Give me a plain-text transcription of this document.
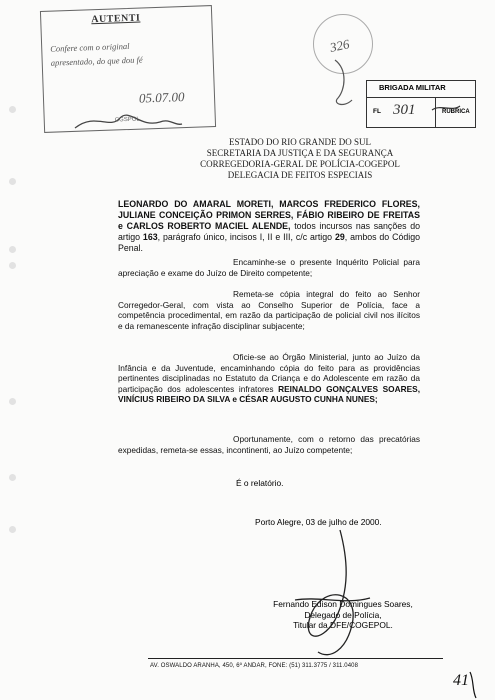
AUTENTI
Confere com o original
apresentado, do que dou fé
05.07.00
CGSPOL
326
BRIGADA MILITAR
FL 301	RUBRICA
ESTADO DO RIO GRANDE DO SUL
SECRETARIA DA JUSTIÇA E DA SEGURANÇA
CORREGEDORIA-GERAL DE POLÍCIA-COGEPOL
DELEGACIA DE FEITOS ESPECIAIS
LEONARDO DO AMARAL MORETI, MARCOS FREDERICO FLORES, JULIANE CONCEIÇÃO PRIMON SERRES, FÁBIO RIBEIRO DE FREITAS e CARLOS ROBERTO MACIEL ALENDE, todos incursos nas sanções do artigo 163, parágrafo único, incisos I, II e III, c/c artigo 29, ambos do Código Penal.
Encaminhe-se o presente Inquérito Policial para apreciação e exame do Juízo de Direito competente;
Remeta-se cópia integral do feito ao Senhor Corregedor-Geral, com vista ao Conselho Superior de Polícia, face a competência procedimental, em razão da participação de policial civil nos ilícitos e da remanescente infração disciplinar subjacente;
Oficie-se ao Órgão Ministerial, junto ao Juízo da Infância e da Juventude, encaminhando cópia do feito para as providências pertinentes disciplinadas no Estatuto da Criança e do Adolescente em razão da participação dos adolescentes infratores REINALDO GONÇALVES SOARES, VINÍCIUS RIBEIRO DA SILVA e CÉSAR AUGUSTO CUNHA NUNES;
Oportunamente, com o retorno das precatórias expedidas, remeta-se essas, incontinenti, ao Juízo competente;
É o relatório.
Porto Alegre, 03 de julho de 2000.
Fernando Edison Domingues Soares,
Delegado de Polícia,
Titular da DFE/COGEPOL.
AV. OSWALDO ARANHA, 450, 6º ANDAR, FONE: (51) 311.3775 / 311.0408
41
